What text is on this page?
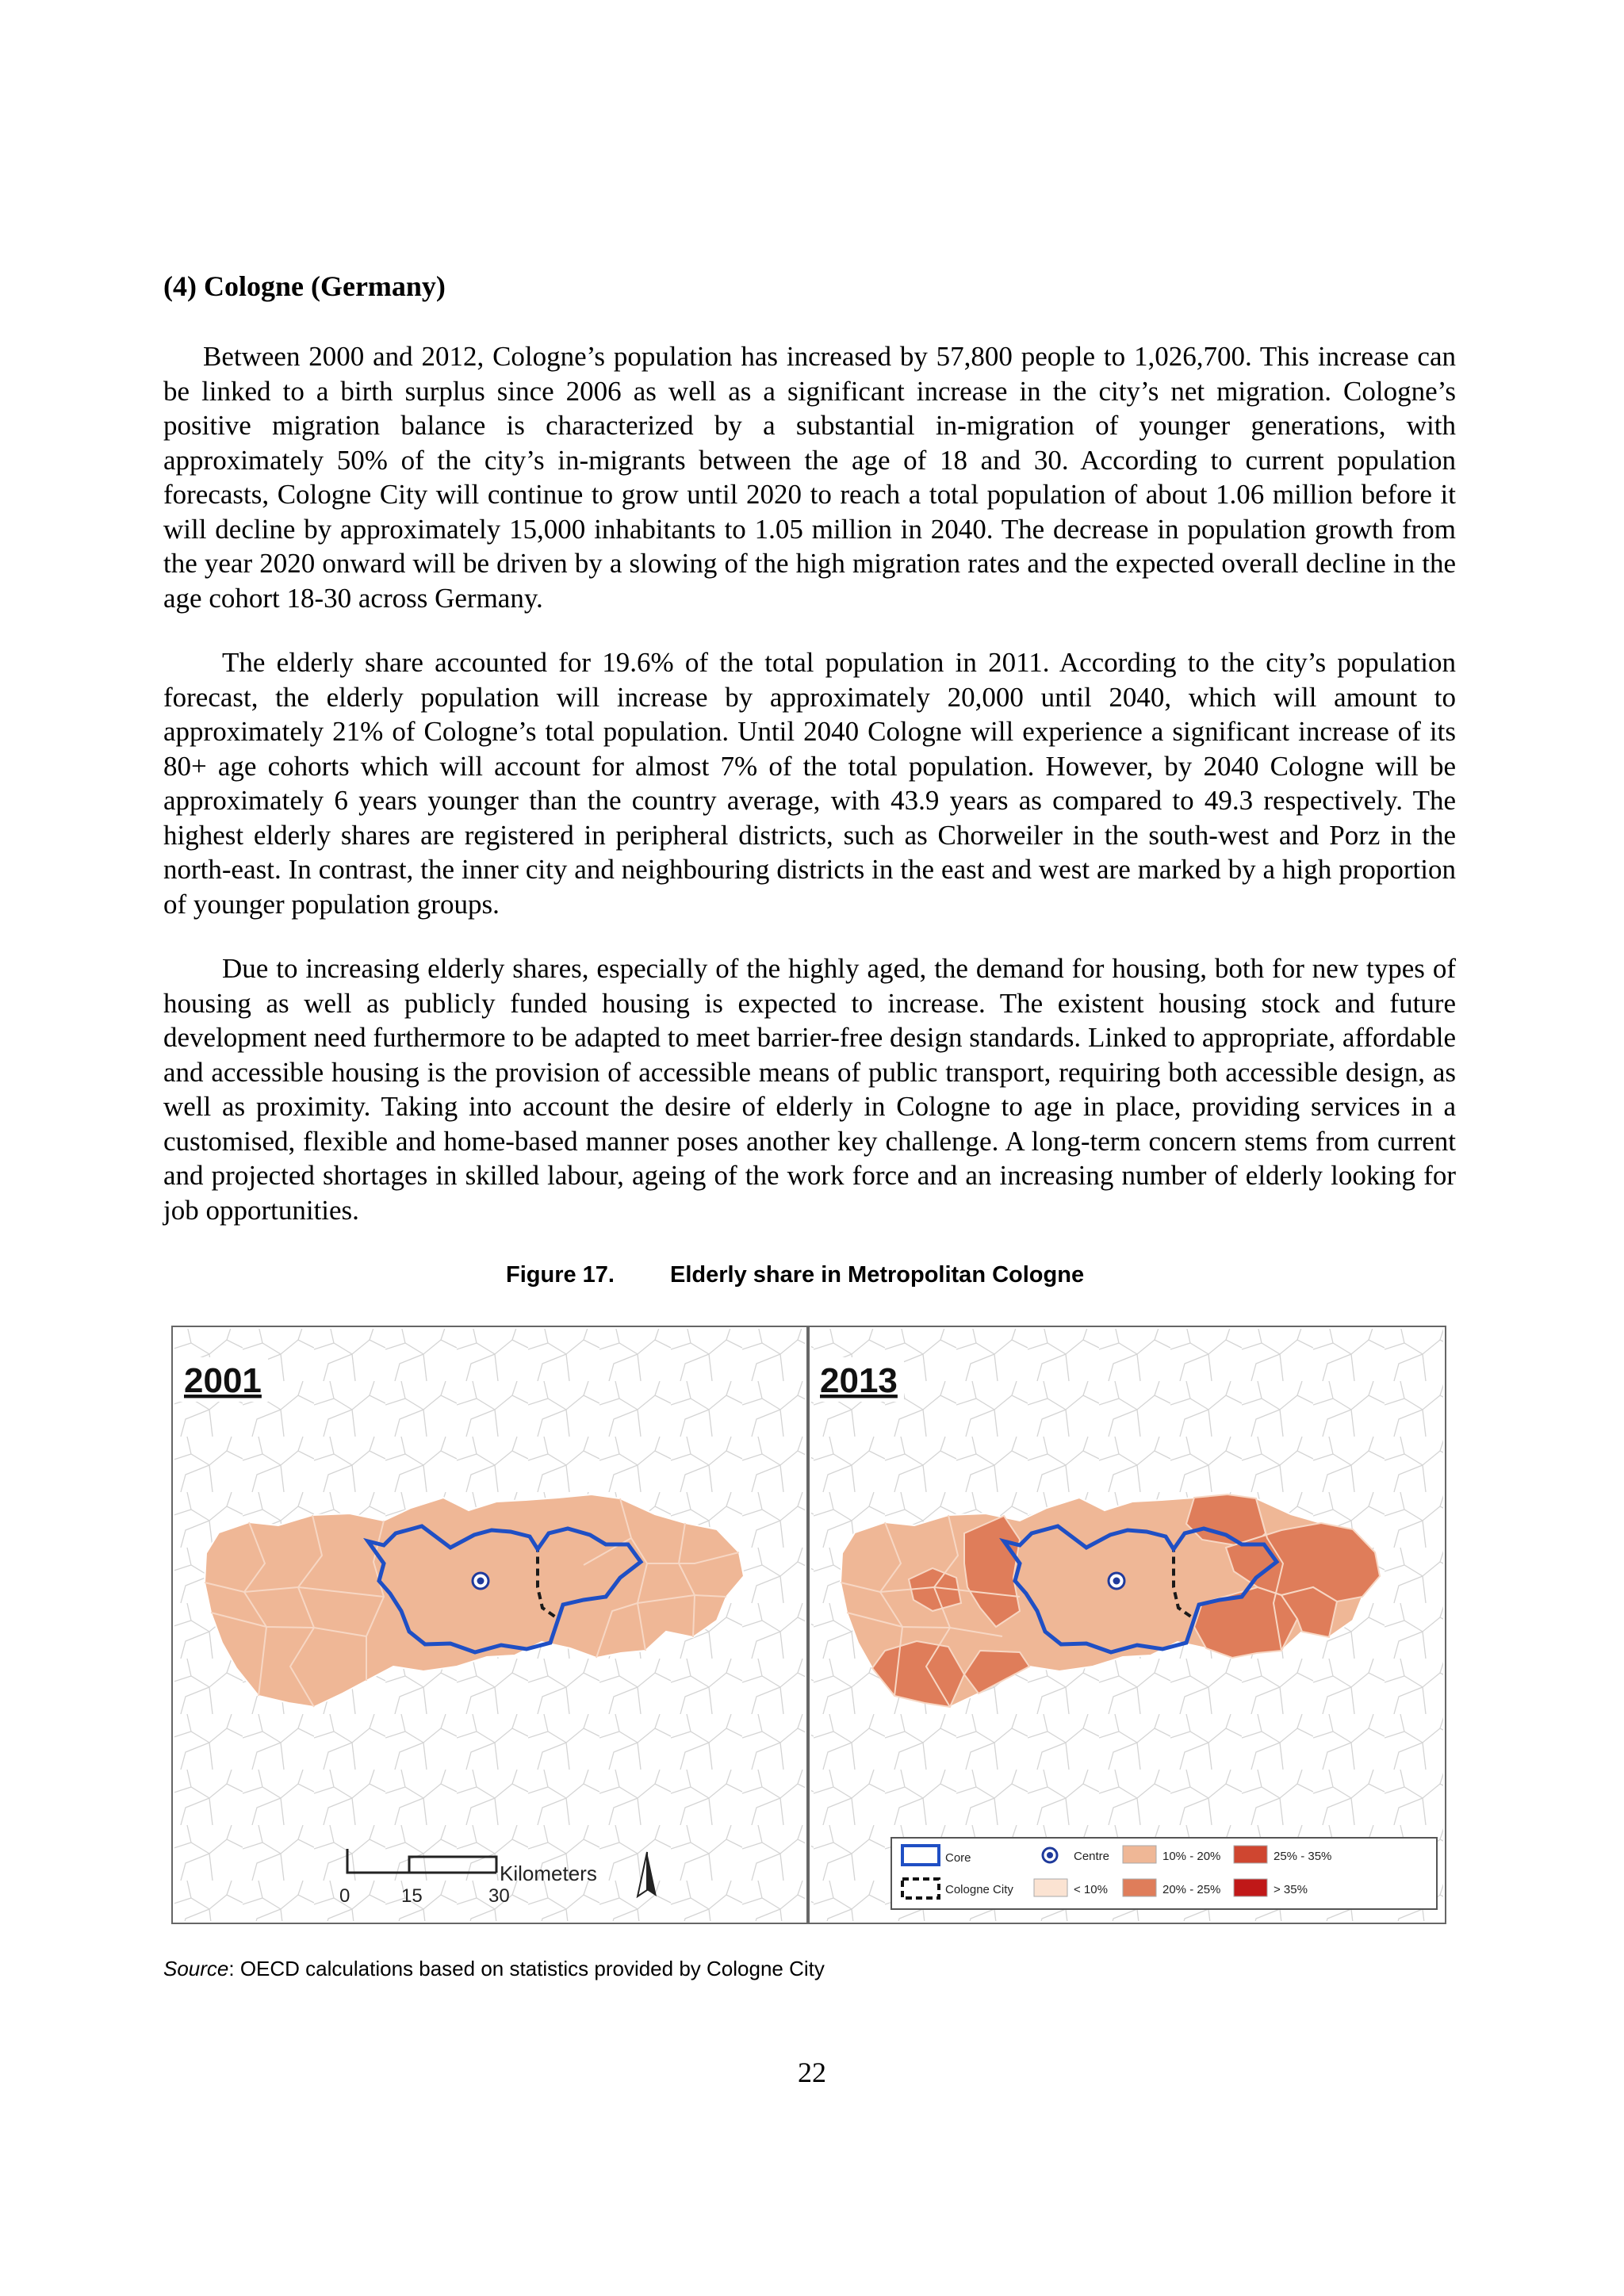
(4) Cologne (Germany)

Between 2000 and 2012, Cologne’s population has increased by 57,800 people to 1,026,700. This increase can be linked to a birth surplus since 2006 as well as a significant increase in the city’s net migration. Cologne’s positive migration balance is characterized by a substantial in-migration of younger generations, with approximately 50% of the city’s in-migrants between the age of 18 and 30. According to current population forecasts, Cologne City will continue to grow until 2020 to reach a total population of about 1.06 million before it will decline by approximately 15,000 inhabitants to 1.05 million in 2040. The decrease in population growth from the year 2020 onward will be driven by a slowing of the high migration rates and the expected overall decline in the age cohort 18-30 across Germany.

The elderly share accounted for 19.6% of the total population in 2011. According to the city’s population forecast, the elderly population will increase by approximately 20,000 until 2040, which will amount to approximately 21% of Cologne’s total population. Until 2040 Cologne will experience a significant increase of its 80+ age cohorts which will account for almost 7% of the total population. However, by 2040 Cologne will be approximately 6 years younger than the country average, with 43.9 years as compared to 49.3 respectively. The highest elderly shares are registered in peripheral districts, such as Chorweiler in the south-west and Porz in the north-east. In contrast, the inner city and neighbouring districts in the east and west are marked by a high proportion of younger population groups.

Due to increasing elderly shares, especially of the highly aged, the demand for housing, both for new types of housing as well as publicly funded housing is expected to increase. The existent housing stock and future development need furthermore to be adapted to meet barrier-free design standards. Linked to appropriate, affordable and accessible housing is the provision of accessible means of public transport, requiring both accessible design, as well as proximity. Taking into account the desire of elderly in Cologne to age in place, providing services in a customised, flexible and home-based manner poses another key challenge. A long-term concern stems from current and projected shortages in skilled labour, ageing of the work force and an increasing number of elderly looking for job opportunities.

Figure 17. Elderly share in Metropolitan Cologne
2001
Kilometers
0	15	30
2013
Core
Cologne City
Centre
< 10%
10% - 20%
20% - 25%
25% - 35%
> 35%
Source: OECD calculations based on statistics provided by Cologne City
22
